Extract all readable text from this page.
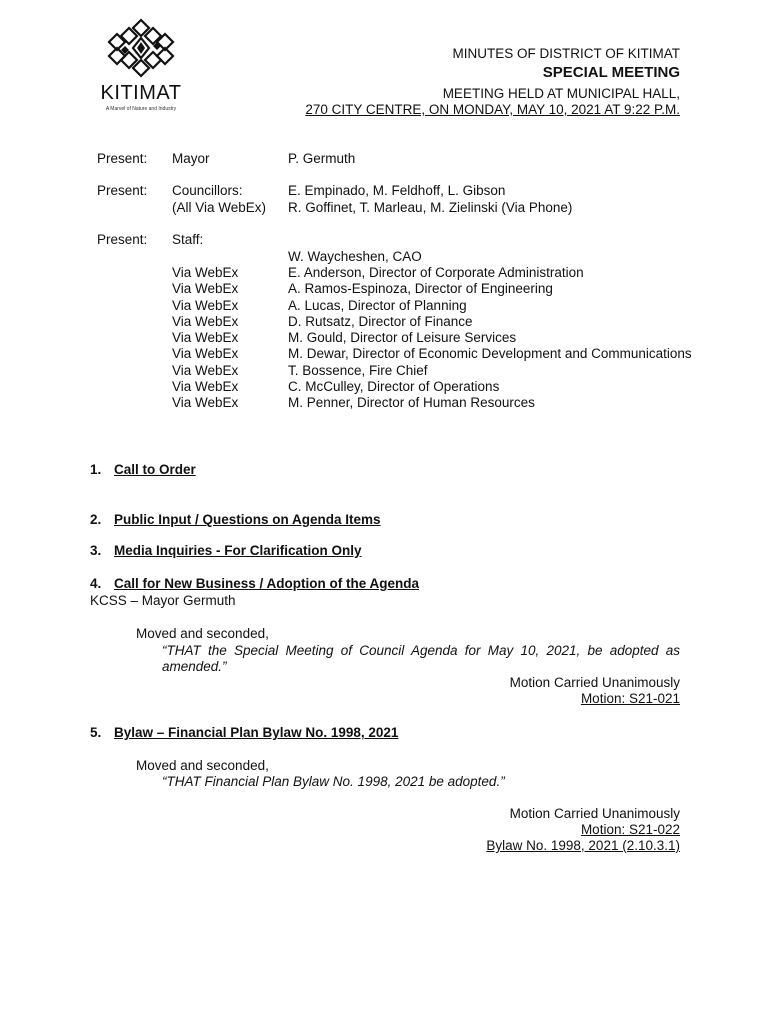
KITIMAT
A Marvel of Nature and Industry
MINUTES OF DISTRICT OF KITIMAT
SPECIAL MEETING
MEETING HELD AT MUNICIPAL HALL,
270 CITY CENTRE, ON MONDAY, MAY 10, 2021 AT 9:22 P.M.
Present: Mayor	P. Germuth
Present: Councillors:
(All Via WebEx)
E. Empinado, M. Feldhoff, L. Gibson
R. Goffinet, T. Marleau, M. Zielinski (Via Phone)
Present: Staff:
W. Waycheshen, CAO
Via WebEx
Via WebEx
Via WebEx
Via WebEx
Via WebEx
Via WebEx
Via WebEx
Via WebEx
Via WebEx
E. Anderson, Director of Corporate Administration
A. Ramos-Espinoza, Director of Engineering
A. Lucas, Director of Planning
D. Rutsatz, Director of Finance
M. Gould, Director of Leisure Services
M. Dewar, Director of Economic Development and Communications
T. Bossence, Fire Chief
C. McCulley, Director of Operations
M. Penner, Director of Human Resources
1. Call to Order
2. Public Input / Questions on Agenda Items
3. Media Inquiries - For Clarification Only
4. Call for New Business / Adoption of the Agenda
KCSS – Mayor Germuth
Moved and seconded,
“THAT the Special Meeting of Council Agenda for May 10, 2021, be adopted as
amended.”
Motion Carried Unanimously
Motion: S21-021
5. Bylaw – Financial Plan Bylaw No. 1998, 2021
Moved and seconded,
“THAT Financial Plan Bylaw No. 1998, 2021 be adopted.”
Motion Carried Unanimously
Motion: S21-022
Bylaw No. 1998, 2021 (2.10.3.1)
